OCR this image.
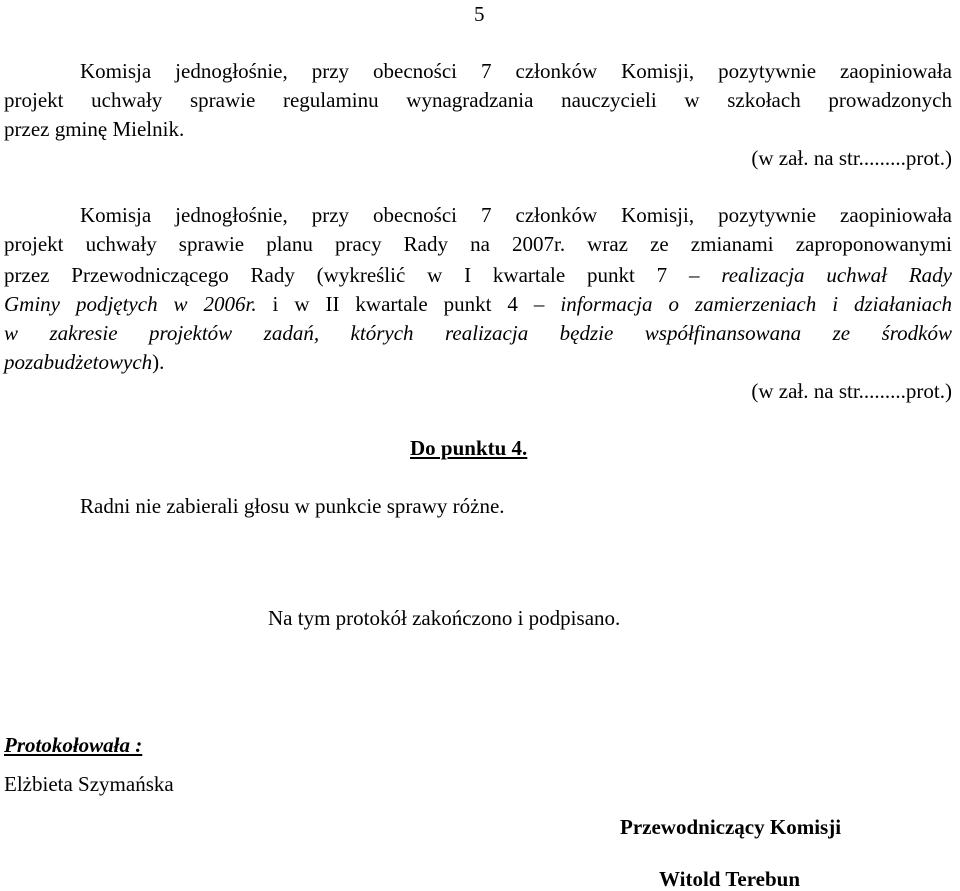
5
Komisja jednogłośnie, przy obecności 7 członków Komisji, pozytywnie zaopiniowała
projekt uchwały sprawie regulaminu wynagradzania nauczycieli w szkołach prowadzonych
przez gminę Mielnik.
(w zał. na str.........prot.)
Komisja jednogłośnie, przy obecności 7 członków Komisji, pozytywnie zaopiniowała
projekt uchwały sprawie planu pracy Rady na 2007r. wraz ze zmianami zaproponowanymi
przez Przewodniczącego Rady (wykreślić w I kwartale punkt 7 – realizacja uchwał Rady
Gminy podjętych w 2006r. i w II kwartale punkt 4 – informacja o zamierzeniach i działaniach
w zakresie projektów zadań, których realizacja będzie współfinansowana ze środków
pozabudżetowych).
(w zał. na str.........prot.)
Do punktu 4.
Radni nie zabierali głosu w punkcie sprawy różne.
Na tym protokół zakończono i podpisano.
Protokołowała :
Elżbieta Szymańska
Przewodniczący Komisji
Witold Terebun
